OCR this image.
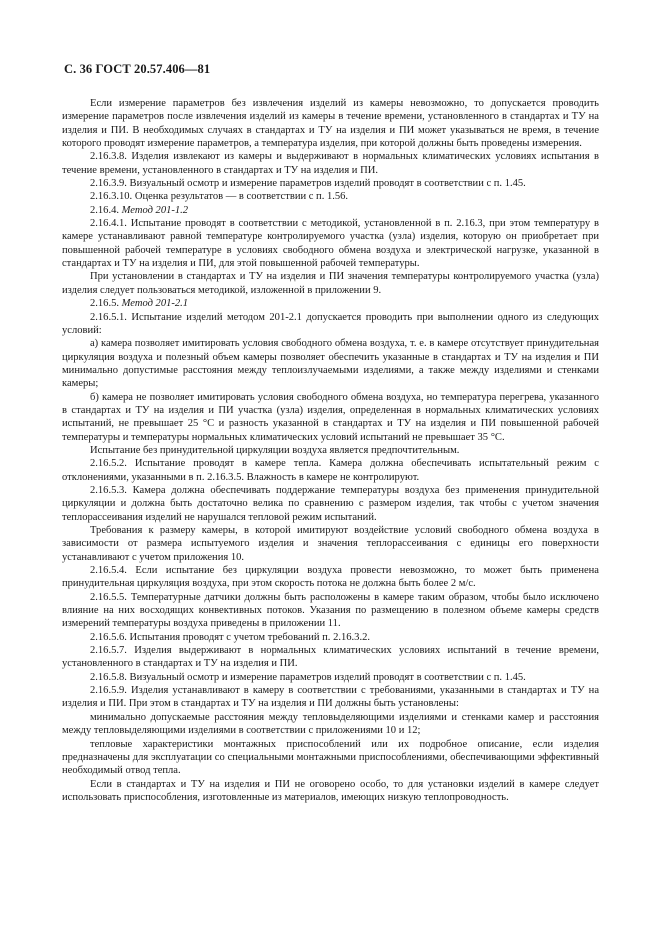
С. 36 ГОСТ 20.57.406—81

Если измерение параметров без извлечения изделий из камеры невозможно, то допускается проводить измерение параметров после извлечения изделий из камеры в течение времени, установленного в стандартах и ТУ на изделия и ПИ. В необходимых случаях в стандартах и ТУ на изделия и ПИ может указываться не время, в течение которого проводят измерение параметров, а температура изделия, при которой должны быть проведены измерения.

2.16.3.8. Изделия извлекают из камеры и выдерживают в нормальных климатических условиях испытания в течение времени, установленного в стандартах и ТУ на изделия и ПИ.

2.16.3.9. Визуальный осмотр и измерение параметров изделий проводят в соответствии с п. 1.45.

2.16.3.10. Оценка результатов — в соответствии с п. 1.56.

2.16.4. Метод 201-1.2

2.16.4.1. Испытание проводят в соответствии с методикой, установленной в п. 2.16.3, при этом температуру в камере устанавливают равной температуре контролируемого участка (узла) изделия, которую он приобретает при повышенной рабочей температуре в условиях свободного обмена воздуха и электрической нагрузке, указанной в стандартах и ТУ на изделия и ПИ, для этой повышенной рабочей температуры.

При установлении в стандартах и ТУ на изделия и ПИ значения температуры контролируемого участка (узла) изделия следует пользоваться методикой, изложенной в приложении 9.

2.16.5. Метод 201-2.1

2.16.5.1. Испытание изделий методом 201-2.1 допускается проводить при выполнении одного из следующих условий:

а) камера позволяет имитировать условия свободного обмена воздуха, т. е. в камере отсутствует принудительная циркуляция воздуха и полезный объем камеры позволяет обеспечить указанные в стандартах и ТУ на изделия и ПИ минимально допустимые расстояния между теплоизлучаемыми изделиями, а также между изделиями и стенками камеры;

б) камера не позволяет имитировать условия свободного обмена воздуха, но температура перегрева, указанного в стандартах и ТУ на изделия и ПИ участка (узла) изделия, определенная в нормальных климатических условиях испытаний, не превышает 25 °С и разность указанной в стандартах и ТУ на изделия и ПИ повышенной рабочей температуры и температуры нормальных климатических условий испытаний не превышает 35 °С.

Испытание без принудительной циркуляции воздуха является предпочтительным.

2.16.5.2. Испытание проводят в камере тепла. Камера должна обеспечивать испытательный режим с отклонениями, указанными в п. 2.16.3.5. Влажность в камере не контролируют.

2.16.5.3. Камера должна обеспечивать поддержание температуры воздуха без применения принудительной циркуляции и должна быть достаточно велика по сравнению с размером изделия, так чтобы с учетом значения теплорассеивания изделий не нарушался тепловой режим испытаний.

Требования к размеру камеры, в которой имитируют воздействие условий свободного обмена воздуха в зависимости от размера испытуемого изделия и значения теплорассеивания с единицы его поверхности устанавливают с учетом приложения 10.

2.16.5.4. Если испытание без циркуляции воздуха провести невозможно, то может быть применена принудительная циркуляция воздуха, при этом скорость потока не должна быть более 2 м/с.

2.16.5.5. Температурные датчики должны быть расположены в камере таким образом, чтобы было исключено влияние на них восходящих конвективных потоков. Указания по размещению в полезном объеме камеры средств измерений температуры воздуха приведены в приложении 11.

2.16.5.6. Испытания проводят с учетом требований п. 2.16.3.2.

2.16.5.7. Изделия выдерживают в нормальных климатических условиях испытаний в течение времени, установленного в стандартах и ТУ на изделия и ПИ.

2.16.5.8. Визуальный осмотр и измерение параметров изделий проводят в соответствии с п. 1.45.

2.16.5.9. Изделия устанавливают в камеру в соответствии с требованиями, указанными в стандартах и ТУ на изделия и ПИ. При этом в стандартах и ТУ на изделия и ПИ должны быть установлены:

минимально допускаемые расстояния между тепловыделяющими изделиями и стенками камер и расстояния между тепловыделяющими изделиями в соответствии с приложениями 10 и 12;

тепловые характеристики монтажных приспособлений или их подробное описание, если изделия предназначены для эксплуатации со специальными монтажными приспособлениями, обеспечивающими эффективный необходимый отвод тепла.

Если в стандартах и ТУ на изделия и ПИ не оговорено особо, то для установки изделий в камере следует использовать приспособления, изготовленные из материалов, имеющих низкую теплопроводность.
